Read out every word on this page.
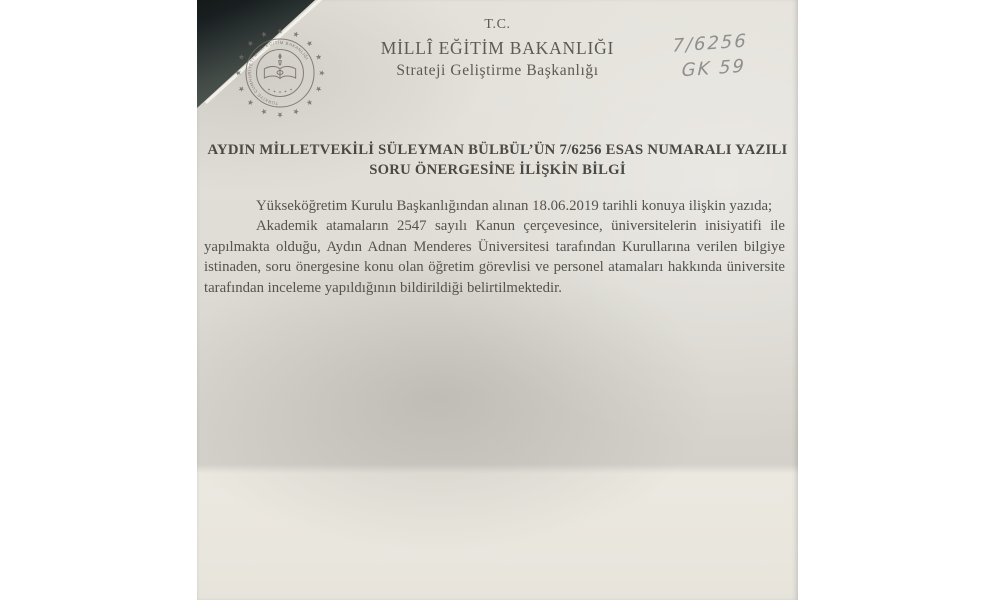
TÜRKİYE CUMHURİYETİ MİLLÎ EĞİTİM BAKANLIĞI
T.C.
MİLLÎ EĞİTİM BAKANLIĞI
Strateji Geliştirme Başkanlığı
7/6256
GK 59
AYDIN MİLLETVEKİLİ SÜLEYMAN BÜLBÜL’ÜN 7/6256 ESAS NUMARALI YAZILI
SORU ÖNERGESİNE İLİŞKİN BİLGİ

Yükseköğretim Kurulu Başkanlığından alınan 18.06.2019 tarihli konuya ilişkin yazıda;

Akademik atamaların 2547 sayılı Kanun çerçevesince, üniversitelerin inisiyatifi ile yapılmakta olduğu, Aydın Adnan Menderes Üniversitesi tarafından Kurullarına verilen bilgiye istinaden, soru önergesine konu olan öğretim görevlisi ve personel atamaları hakkında üniversite tarafından inceleme yapıldığının bildirildiği belirtilmektedir.
